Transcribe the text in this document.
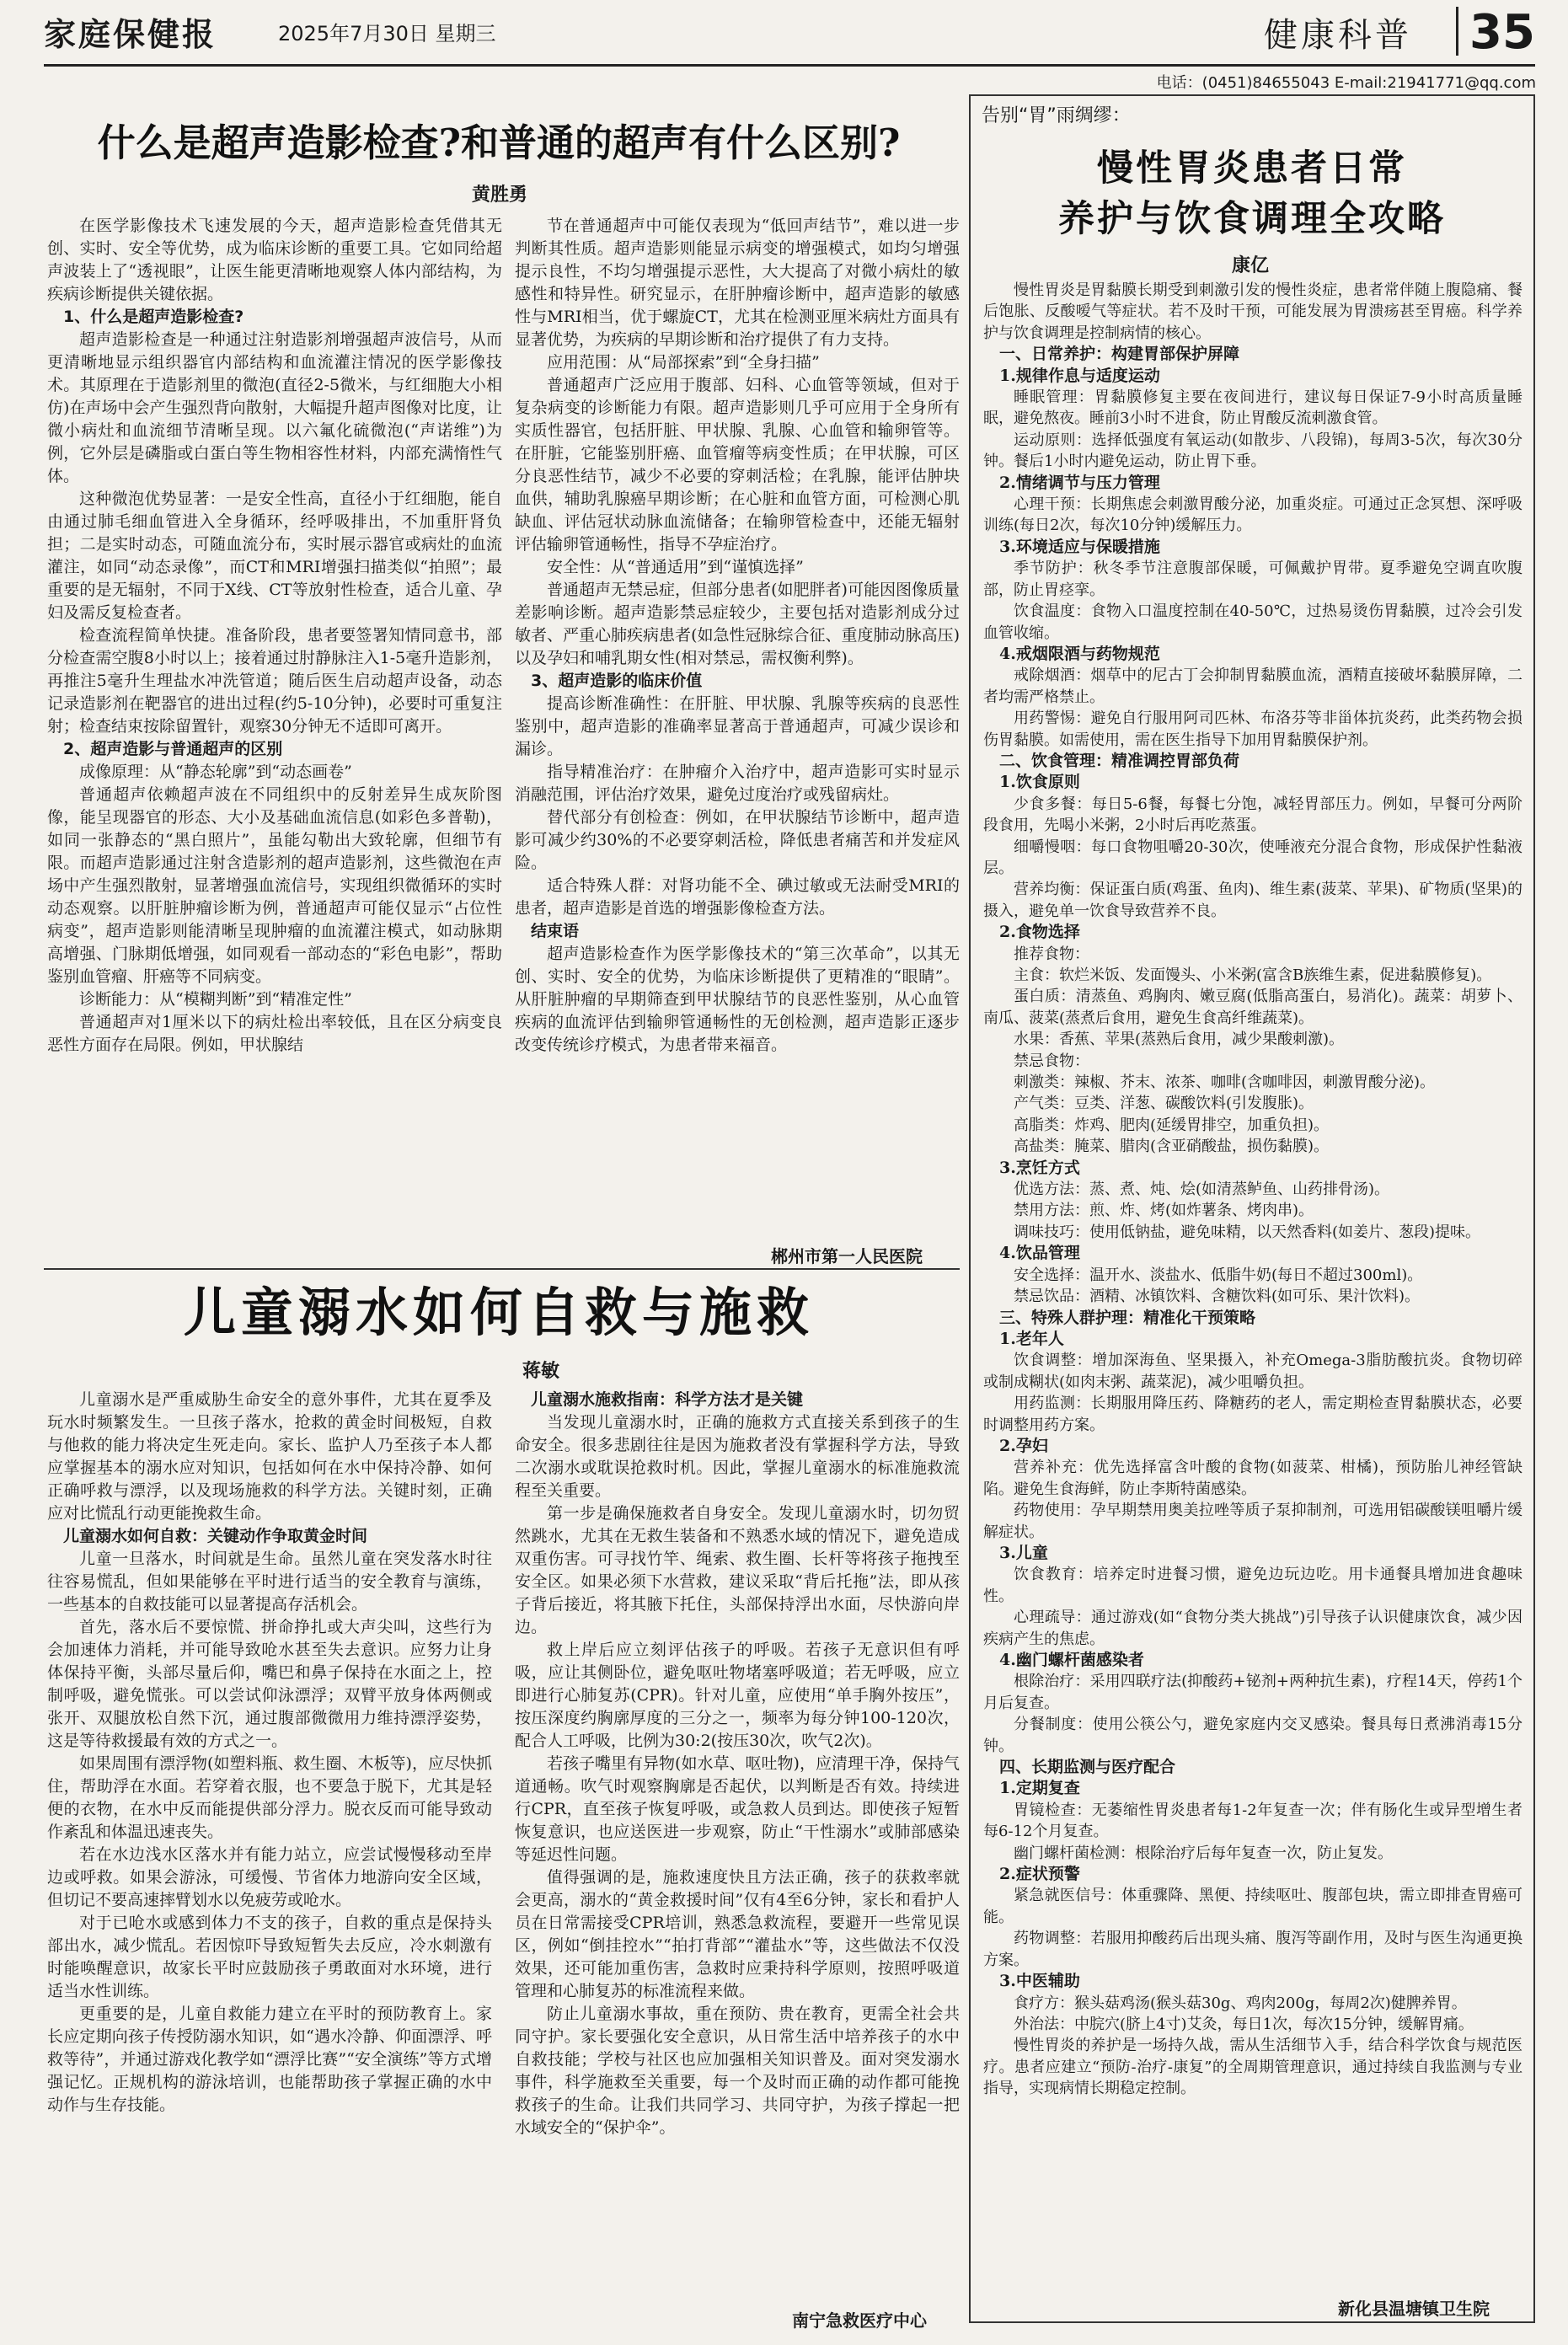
家庭保健报	2025年7月30日 星期三	健康科普 35
电话：(0451)84655043 E-mail:21941771@qq.com
什么是超声造影检查?和普通的超声有什么区别?
黄胜勇

在医学影像技术飞速发展的今天，超声造影检查凭借其无创、实时、安全等优势，成为临床诊断的重要工具。它如同给超声波装上了“透视眼”，让医生能更清晰地观察人体内部结构，为疾病诊断提供关键依据。

1、什么是超声造影检查?

超声造影检查是一种通过注射造影剂增强超声波信号，从而更清晰地显示组织器官内部结构和血流灌注情况的医学影像技术。其原理在于造影剂里的微泡(直径2-5微米，与红细胞大小相仿)在声场中会产生强烈背向散射，大幅提升超声图像对比度，让微小病灶和血流细节清晰呈现。以六氟化硫微泡(“声诺维”)为例，它外层是磷脂或白蛋白等生物相容性材料，内部充满惰性气体。

这种微泡优势显著：一是安全性高，直径小于红细胞，能自由通过肺毛细血管进入全身循环，经呼吸排出，不加重肝肾负担；二是实时动态，可随血流分布，实时展示器官或病灶的血流灌注，如同“动态录像”，而CT和MRI增强扫描类似“拍照”；最重要的是无辐射，不同于X线、CT等放射性检查，适合儿童、孕妇及需反复检查者。

检查流程简单快捷。准备阶段，患者要签署知情同意书，部分检查需空腹8小时以上；接着通过肘静脉注入1-5毫升造影剂，再推注5毫升生理盐水冲洗管道；随后医生启动超声设备，动态记录造影剂在靶器官的进出过程(约5-10分钟)，必要时可重复注射；检查结束按除留置针，观察30分钟无不适即可离开。

2、超声造影与普通超声的区别

成像原理：从“静态轮廓”到“动态画卷”

普通超声依赖超声波在不同组织中的反射差异生成灰阶图像，能呈现器官的形态、大小及基础血流信息(如彩色多普勒)，如同一张静态的“黑白照片”，虽能勾勒出大致轮廓，但细节有限。而超声造影通过注射含造影剂的超声造影剂，这些微泡在声场中产生强烈散射，显著增强血流信号，实现组织微循环的实时动态观察。以肝脏肿瘤诊断为例，普通超声可能仅显示“占位性病变”，超声造影则能清晰呈现肿瘤的血流灌注模式，如动脉期高增强、门脉期低增强，如同观看一部动态的“彩色电影”，帮助鉴别血管瘤、肝癌等不同病变。

诊断能力：从“模糊判断”到“精准定性”

普通超声对1厘米以下的病灶检出率较低，且在区分病变良恶性方面存在局限。例如，甲状腺结

节在普通超声中可能仅表现为“低回声结节”，难以进一步判断其性质。超声造影则能显示病变的增强模式，如均匀增强提示良性，不均匀增强提示恶性，大大提高了对微小病灶的敏感性和特异性。研究显示，在肝肿瘤诊断中，超声造影的敏感性与MRI相当，优于螺旋CT，尤其在检测亚厘米病灶方面具有显著优势，为疾病的早期诊断和治疗提供了有力支持。

应用范围：从“局部探索”到“全身扫描”

普通超声广泛应用于腹部、妇科、心血管等领域，但对于复杂病变的诊断能力有限。超声造影则几乎可应用于全身所有实质性器官，包括肝脏、甲状腺、乳腺、心血管和输卵管等。在肝脏，它能鉴别肝癌、血管瘤等病变性质；在甲状腺，可区分良恶性结节，减少不必要的穿刺活检；在乳腺，能评估肿块血供，辅助乳腺癌早期诊断；在心脏和血管方面，可检测心肌缺血、评估冠状动脉血流储备；在输卵管检查中，还能无辐射评估输卵管通畅性，指导不孕症治疗。

安全性：从“普通适用”到“谨慎选择”

普通超声无禁忌症，但部分患者(如肥胖者)可能因图像质量差影响诊断。超声造影禁忌症较少，主要包括对造影剂成分过敏者、严重心肺疾病患者(如急性冠脉综合征、重度肺动脉高压)以及孕妇和哺乳期女性(相对禁忌，需权衡利弊)。

3、超声造影的临床价值

提高诊断准确性：在肝脏、甲状腺、乳腺等疾病的良恶性鉴别中，超声造影的准确率显著高于普通超声，可减少误诊和漏诊。

指导精准治疗：在肿瘤介入治疗中，超声造影可实时显示消融范围，评估治疗效果，避免过度治疗或残留病灶。

替代部分有创检查：例如，在甲状腺结节诊断中，超声造影可减少约30%的不必要穿刺活检，降低患者痛苦和并发症风险。

适合特殊人群：对肾功能不全、碘过敏或无法耐受MRI的患者，超声造影是首选的增强影像检查方法。

结束语

超声造影检查作为医学影像技术的“第三次革命”，以其无创、实时、安全的优势，为临床诊断提供了更精准的“眼睛”。从肝脏肿瘤的早期筛查到甲状腺结节的良恶性鉴别，从心血管疾病的血流评估到输卵管通畅性的无创检测，超声造影正逐步改变传统诊疗模式，为患者带来福音。

郴州市第一人民医院
儿童溺水如何自救与施救
蒋敏

儿童溺水是严重威胁生命安全的意外事件，尤其在夏季及玩水时频繁发生。一旦孩子落水，抢救的黄金时间极短，自救与他救的能力将决定生死走向。家长、监护人乃至孩子本人都应掌握基本的溺水应对知识，包括如何在水中保持冷静、如何正确呼救与漂浮，以及现场施救的科学方法。关键时刻，正确应对比慌乱行动更能挽救生命。

儿童溺水如何自救：关键动作争取黄金时间

儿童一旦落水，时间就是生命。虽然儿童在突发落水时往往容易慌乱，但如果能够在平时进行适当的安全教育与演练，一些基本的自救技能可以显著提高存活机会。

首先，落水后不要惊慌、拼命挣扎或大声尖叫，这些行为会加速体力消耗，并可能导致呛水甚至失去意识。应努力让身体保持平衡，头部尽量后仰，嘴巴和鼻子保持在水面之上，控制呼吸，避免慌张。可以尝试仰泳漂浮；双臂平放身体两侧或张开、双腿放松自然下沉，通过腹部微微用力维持漂浮姿势，这是等待救援最有效的方式之一。

如果周围有漂浮物(如塑料瓶、救生圈、木板等)，应尽快抓住，帮助浮在水面。若穿着衣服，也不要急于脱下，尤其是轻便的衣物，在水中反而能提供部分浮力。脱衣反而可能导致动作紊乱和体温迅速丧失。

若在水边浅水区落水并有能力站立，应尝试慢慢移动至岸边或呼救。如果会游泳，可缓慢、节省体力地游向安全区域，但切记不要高速摔臂划水以免疲劳或呛水。

对于已呛水或感到体力不支的孩子，自救的重点是保持头部出水，减少慌乱。若因惊吓导致短暂失去反应，冷水刺激有时能唤醒意识，故家长平时应鼓励孩子勇敢面对水环境，进行适当水性训练。

更重要的是，儿童自救能力建立在平时的预防教育上。家长应定期向孩子传授防溺水知识，如“遇水冷静、仰面漂浮、呼救等待”，并通过游戏化教学如“漂浮比赛”“安全演练”等方式增强记忆。正规机构的游泳培训，也能帮助孩子掌握正确的水中动作与生存技能。

儿童溺水施救指南：科学方法才是关键

当发现儿童溺水时，正确的施救方式直接关系到孩子的生命安全。很多悲剧往往是因为施救者没有掌握科学方法，导致二次溺水或耽误抢救时机。因此，掌握儿童溺水的标准施救流程至关重要。

第一步是确保施救者自身安全。发现儿童溺水时，切勿贸然跳水，尤其在无救生装备和不熟悉水域的情况下，避免造成双重伤害。可寻找竹竿、绳索、救生圈、长杆等将孩子拖拽至安全区。如果必须下水营救，建议采取“背后托拖”法，即从孩子背后接近，将其腋下托住，头部保持浮出水面，尽快游向岸边。

救上岸后应立刻评估孩子的呼吸。若孩子无意识但有呼吸，应让其侧卧位，避免呕吐物堵塞呼吸道；若无呼吸，应立即进行心肺复苏(CPR)。针对儿童，应使用“单手胸外按压”，按压深度约胸廓厚度的三分之一，频率为每分钟100-120次，配合人工呼吸，比例为30:2(按压30次，吹气2次)。

若孩子嘴里有异物(如水草、呕吐物)，应清理干净，保持气道通畅。吹气时观察胸廓是否起伏，以判断是否有效。持续进行CPR，直至孩子恢复呼吸，或急救人员到达。即使孩子短暂恢复意识，也应送医进一步观察，防止“干性溺水”或肺部感染等延迟性问题。

值得强调的是，施救速度快且方法正确，孩子的获救率就会更高，溺水的“黄金救援时间”仅有4至6分钟，家长和看护人员在日常需接受CPR培训，熟悉急救流程，要避开一些常见误区，例如“倒挂控水”“拍打背部”“灌盐水”等，这些做法不仅没效果，还可能加重伤害，急救时应秉持科学原则，按照呼吸道管理和心肺复苏的标准流程来做。

防止儿童溺水事故，重在预防、贵在教育，更需全社会共同守护。家长要强化安全意识，从日常生活中培养孩子的水中自救技能；学校与社区也应加强相关知识普及。面对突发溺水事件，科学施救至关重要，每一个及时而正确的动作都可能挽救孩子的生命。让我们共同学习、共同守护，为孩子撑起一把水域安全的“保护伞”。

南宁急救医疗中心
告别“胃”雨绸缪：
慢性胃炎患者日常
养护与饮食调理全攻略
康亿

慢性胃炎是胃黏膜长期受到刺激引发的慢性炎症，患者常伴随上腹隐痛、餐后饱胀、反酸嗳气等症状。若不及时干预，可能发展为胃溃疡甚至胃癌。科学养护与饮食调理是控制病情的核心。

一、日常养护：构建胃部保护屏障
1.规律作息与适度运动

睡眠管理：胃黏膜修复主要在夜间进行，建议每日保证7-9小时高质量睡眠，避免熬夜。睡前3小时不进食，防止胃酸反流刺激食管。

运动原则：选择低强度有氧运动(如散步、八段锦)，每周3-5次，每次30分钟。餐后1小时内避免运动，防止胃下垂。

2.情绪调节与压力管理

心理干预：长期焦虑会刺激胃酸分泌，加重炎症。可通过正念冥想、深呼吸训练(每日2次，每次10分钟)缓解压力。

3.环境适应与保暖措施

季节防护：秋冬季节注意腹部保暖，可佩戴护胃带。夏季避免空调直吹腹部，防止胃痉挛。

饮食温度：食物入口温度控制在40-50℃，过热易烫伤胃黏膜，过冷会引发血管收缩。

4.戒烟限酒与药物规范

戒除烟酒：烟草中的尼古丁会抑制胃黏膜血流，酒精直接破坏黏膜屏障，二者均需严格禁止。

用药警惕：避免自行服用阿司匹林、布洛芬等非甾体抗炎药，此类药物会损伤胃黏膜。如需使用，需在医生指导下加用胃黏膜保护剂。

二、饮食管理：精准调控胃部负荷
1.饮食原则

少食多餐：每日5-6餐，每餐七分饱，减轻胃部压力。例如，早餐可分两阶段食用，先喝小米粥，2小时后再吃蒸蛋。

细嚼慢咽：每口食物咀嚼20-30次，使唾液充分混合食物，形成保护性黏液层。

营养均衡：保证蛋白质(鸡蛋、鱼肉)、维生素(菠菜、苹果)、矿物质(坚果)的摄入，避免单一饮食导致营养不良。

2.食物选择

推荐食物：

主食：软烂米饭、发面馒头、小米粥(富含B族维生素，促进黏膜修复)。

蛋白质：清蒸鱼、鸡胸肉、嫩豆腐(低脂高蛋白，易消化)。蔬菜：胡萝卜、南瓜、菠菜(蒸煮后食用，避免生食高纤维蔬菜)。

水果：香蕉、苹果(蒸熟后食用，减少果酸刺激)。

禁忌食物：

刺激类：辣椒、芥末、浓茶、咖啡(含咖啡因，刺激胃酸分泌)。

产气类：豆类、洋葱、碳酸饮料(引发腹胀)。

高脂类：炸鸡、肥肉(延缓胃排空，加重负担)。

高盐类：腌菜、腊肉(含亚硝酸盐，损伤黏膜)。

3.烹饪方式

优选方法：蒸、煮、炖、烩(如清蒸鲈鱼、山药排骨汤)。

禁用方法：煎、炸、烤(如炸薯条、烤肉串)。

调味技巧：使用低钠盐，避免味精，以天然香料(如姜片、葱段)提味。

4.饮品管理

安全选择：温开水、淡盐水、低脂牛奶(每日不超过300ml)。

禁忌饮品：酒精、冰镇饮料、含糖饮料(如可乐、果汁饮料)。

三、特殊人群护理：精准化干预策略
1.老年人

饮食调整：增加深海鱼、坚果摄入，补充Omega-3脂肪酸抗炎。食物切碎或制成糊状(如肉末粥、蔬菜泥)，减少咀嚼负担。

用药监测：长期服用降压药、降糖药的老人，需定期检查胃黏膜状态，必要时调整用药方案。

2.孕妇

营养补充：优先选择富含叶酸的食物(如菠菜、柑橘)，预防胎儿神经管缺陷。避免生食海鲜，防止李斯特菌感染。

药物使用：孕早期禁用奥美拉唑等质子泵抑制剂，可选用铝碳酸镁咀嚼片缓解症状。

3.儿童

饮食教育：培养定时进餐习惯，避免边玩边吃。用卡通餐具增加进食趣味性。

心理疏导：通过游戏(如“食物分类大挑战”)引导孩子认识健康饮食，减少因疾病产生的焦虑。

4.幽门螺杆菌感染者

根除治疗：采用四联疗法(抑酸药+铋剂+两种抗生素)，疗程14天，停药1个月后复查。

分餐制度：使用公筷公勺，避免家庭内交叉感染。餐具每日煮沸消毒15分钟。

四、长期监测与医疗配合
1.定期复查

胃镜检查：无萎缩性胃炎患者每1-2年复查一次；伴有肠化生或异型增生者每6-12个月复查。

幽门螺杆菌检测：根除治疗后每年复查一次，防止复发。

2.症状预警

紧急就医信号：体重骤降、黑便、持续呕吐、腹部包块，需立即排查胃癌可能。

药物调整：若服用抑酸药后出现头痛、腹泻等副作用，及时与医生沟通更换方案。

3.中医辅助

食疗方：猴头菇鸡汤(猴头菇30g、鸡肉200g，每周2次)健脾养胃。

外治法：中脘穴(脐上4寸)艾灸，每日1次，每次15分钟，缓解胃痛。

慢性胃炎的养护是一场持久战，需从生活细节入手，结合科学饮食与规范医疗。患者应建立“预防-治疗-康复”的全周期管理意识，通过持续自我监测与专业指导，实现病情长期稳定控制。

新化县温塘镇卫生院
